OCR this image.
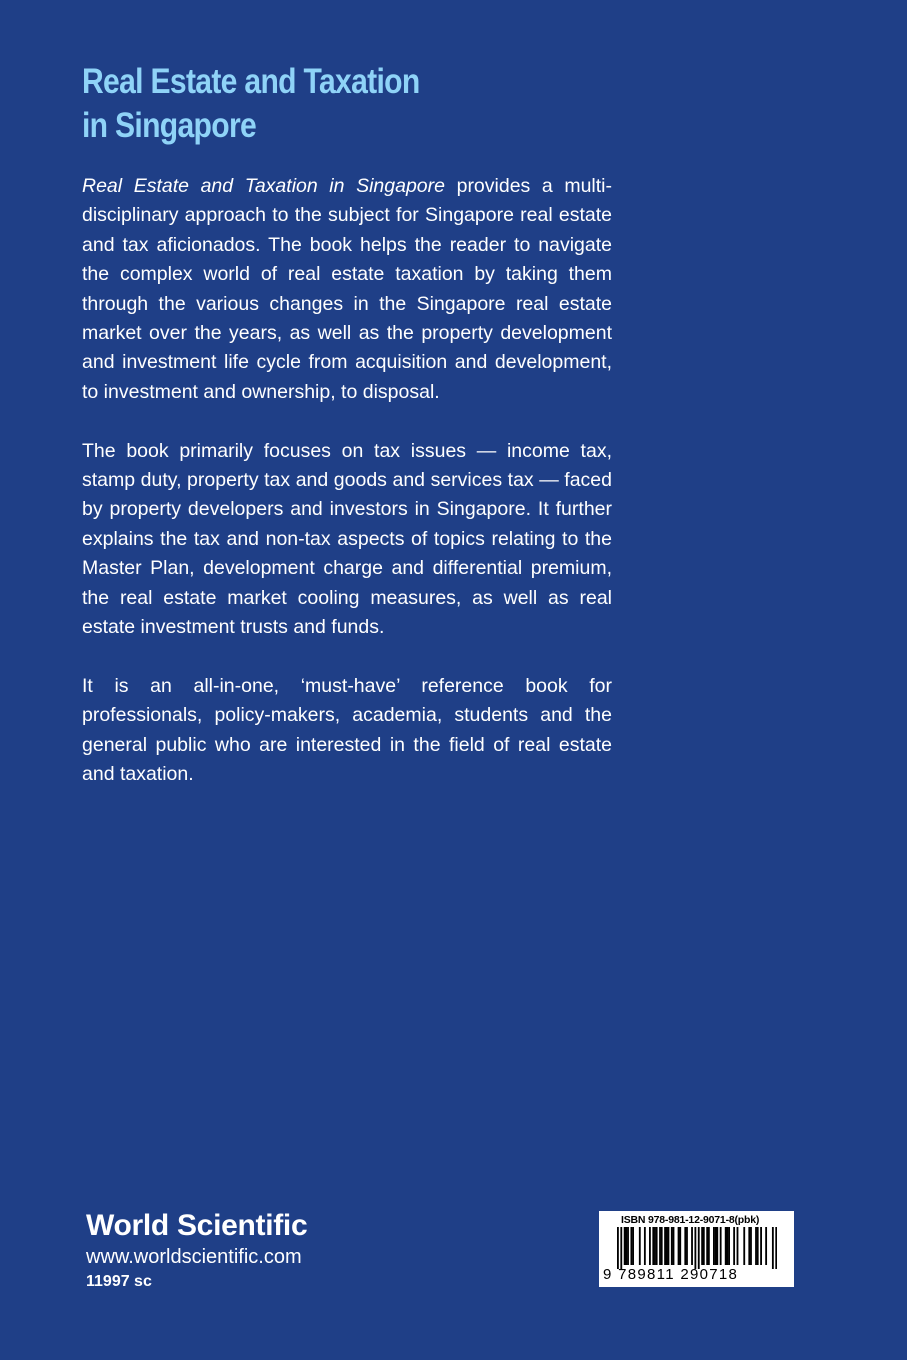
Real Estate and Taxation
in Singapore

Real Estate and Taxation in Singapore provides a multi-disciplinary approach to the subject for Singapore real estate and tax aficionados. The book helps the reader to navigate the complex world of real estate taxation by taking them through the various changes in the Singapore real estate market over the years, as well as the property development and investment life cycle from acquisition and development, to investment and ownership, to disposal.

The book primarily focuses on tax issues — income tax, stamp duty, property tax and goods and services tax — faced by property developers and investors in Singapore. It further explains the tax and non-tax aspects of topics relating to the Master Plan, development charge and differential premium, the real estate market cooling measures, as well as real estate investment trusts and funds.

It is an all-in-one, ‘must-have’ reference book for professionals, policy-makers, academia, students and the general public who are interested in the field of real estate and taxation.

World Scientific
www.worldscientific.com
11997 sc
ISBN 978-981-12-9071-8(pbk)
9 789811 290718
